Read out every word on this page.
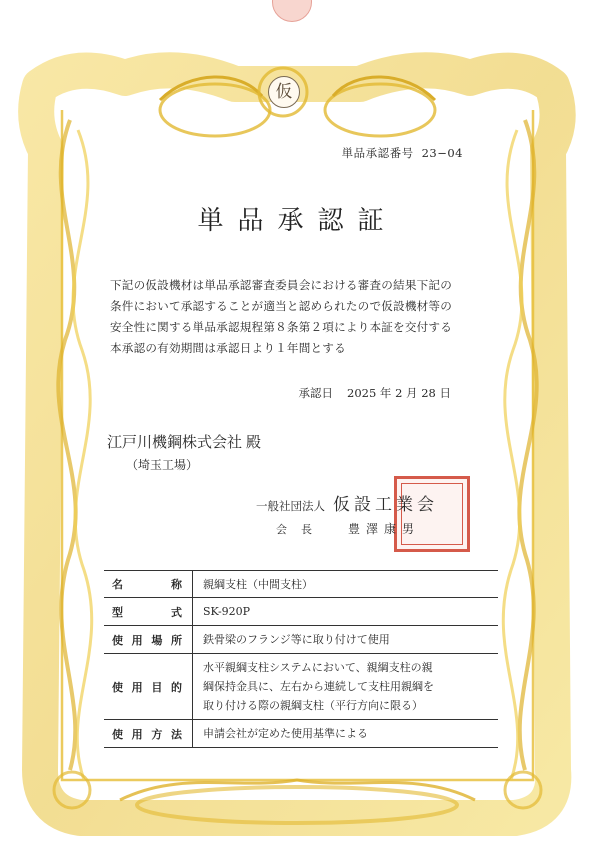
仮
単品承認番号 23−04
単品承認証
下記の仮設機材は単品承認審査委員会における審査の結果下記の
条件において承認することが適当と認められたので仮設機材等の
安全性に関する単品承認規程第８条第２項により本証を交付する
本承認の有効期間は承認日より１年間とする
承認日 2025 年 2 月 28 日
江戸川機鋼株式会社 殿
（埼玉工場）
一般社団法人 仮設工業会
会長 豊澤康男
名称	親綱支柱（中間支柱）

型式	SK-920P

使用場所	鉄骨梁のフランジ等に取り付けて使用

使用目的	水平親綱支柱システムにおいて、親綱支柱の親
綱保持金具に、左右から連続して支柱用親綱を
取り付ける際の親綱支柱（平行方向に限る）

使用方法	申請会社が定めた使用基準による
